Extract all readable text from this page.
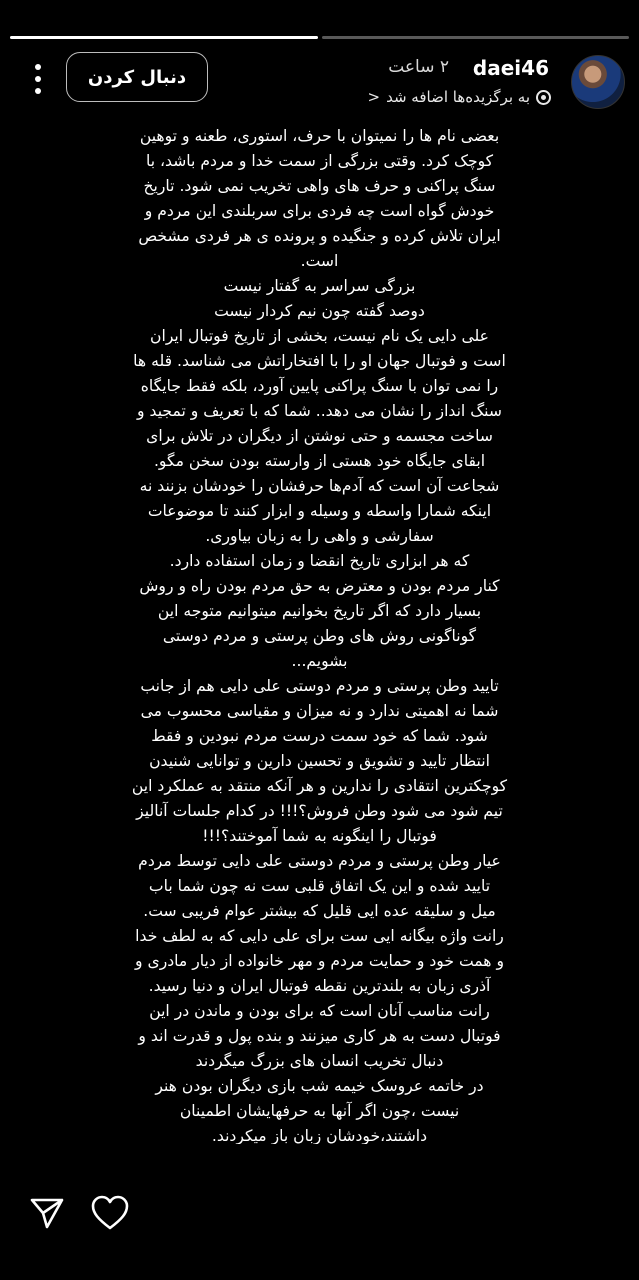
daei46
۲ ساعت
به برگزیده‌ها اضافه شد
<
دنبال کردن
بعضی نام ها را نمیتوان با حرف، استوری، طعنه و توهین
کوچک کرد. وقتی بزرگی از سمت خدا و مردم باشد، با
سنگ پراکنی و حرف های واهی تخریب نمی شود. تاریخ
خودش گواه است چه فردی برای سربلندی این مردم و
ایران تلاش کرده و جنگیده و پرونده ی هر فردی مشخص
است.
بزرگی سراسر به گفتار نیست
دوصد گفته چون نیم کردار نیست
علی دایی یک نام نیست، بخشی از تاریخ فوتبال ایران
است و فوتبال جهان او را با افتخاراتش می شناسد. قله ها
را نمی توان با سنگ پراکنی پایین آورد، بلکه فقط جایگاه
سنگ انداز را نشان می دهد.. شما که با تعریف و تمجید و
ساخت مجسمه و حتی نوشتن از دیگران در تلاش برای
ابقای جایگاه خود هستی از وارسته بودن سخن مگو.
شجاعت آن است که آدم‌ها حرفشان را خودشان بزنند نه
اینکه شمارا واسطه و وسیله و ابزار کنند تا موضوعات
سفارشی و واهی را به زبان بیاوری.
که هر ابزاری تاریخ انقضا و زمان استفاده دارد.
کنار مردم بودن و معترض به حق مردم بودن راه و روش
بسیار دارد که اگر تاریخ بخوانیم میتوانیم متوجه این
گوناگونی روش های وطن پرستی و مردم دوستی
بشویم...
تایید وطن پرستی و مردم دوستی علی دایی هم از جانب
شما نه اهمیتی ندارد و نه میزان و مقیاسی محسوب می
شود. شما که خود سمت درست مردم نبودین و فقط
انتظار تایید و تشویق و تحسین دارین و توانایی شنیدن
کوچکترین انتقادی را ندارین و هر آنکه منتقد به عملکرد این
تیم شود می شود وطن فروش؟!!! در کدام جلسات آنالیز
فوتبال را اینگونه به شما آموختند؟!!!
عیار وطن پرستی و مردم دوستی علی دایی توسط مردم
تایید شده و این یک اتفاق قلبی ست نه چون شما باب
میل و سلیقه عده ایی قلیل که بیشتر عوام فریبی ست.
رانت واژه بیگانه ایی ست برای علی دایی که به لطف خدا
و همت خود و حمایت مردم و مهر خانواده از دیار مادری و
آذری زبان به بلندترین نقطه فوتبال ایران و دنیا رسید.
رانت مناسب آنان است که برای بودن و ماندن در این
فوتبال دست به هر کاری میزنند و بنده پول و قدرت اند و
دنبال تخریب انسان های بزرگ میگردند
در خاتمه عروسک خیمه شب بازی دیگران بودن هنر
نیست ،چون اگر آنها به حرفهایشان اطمینان
داشتند،خودشان زبان باز میکردند.
